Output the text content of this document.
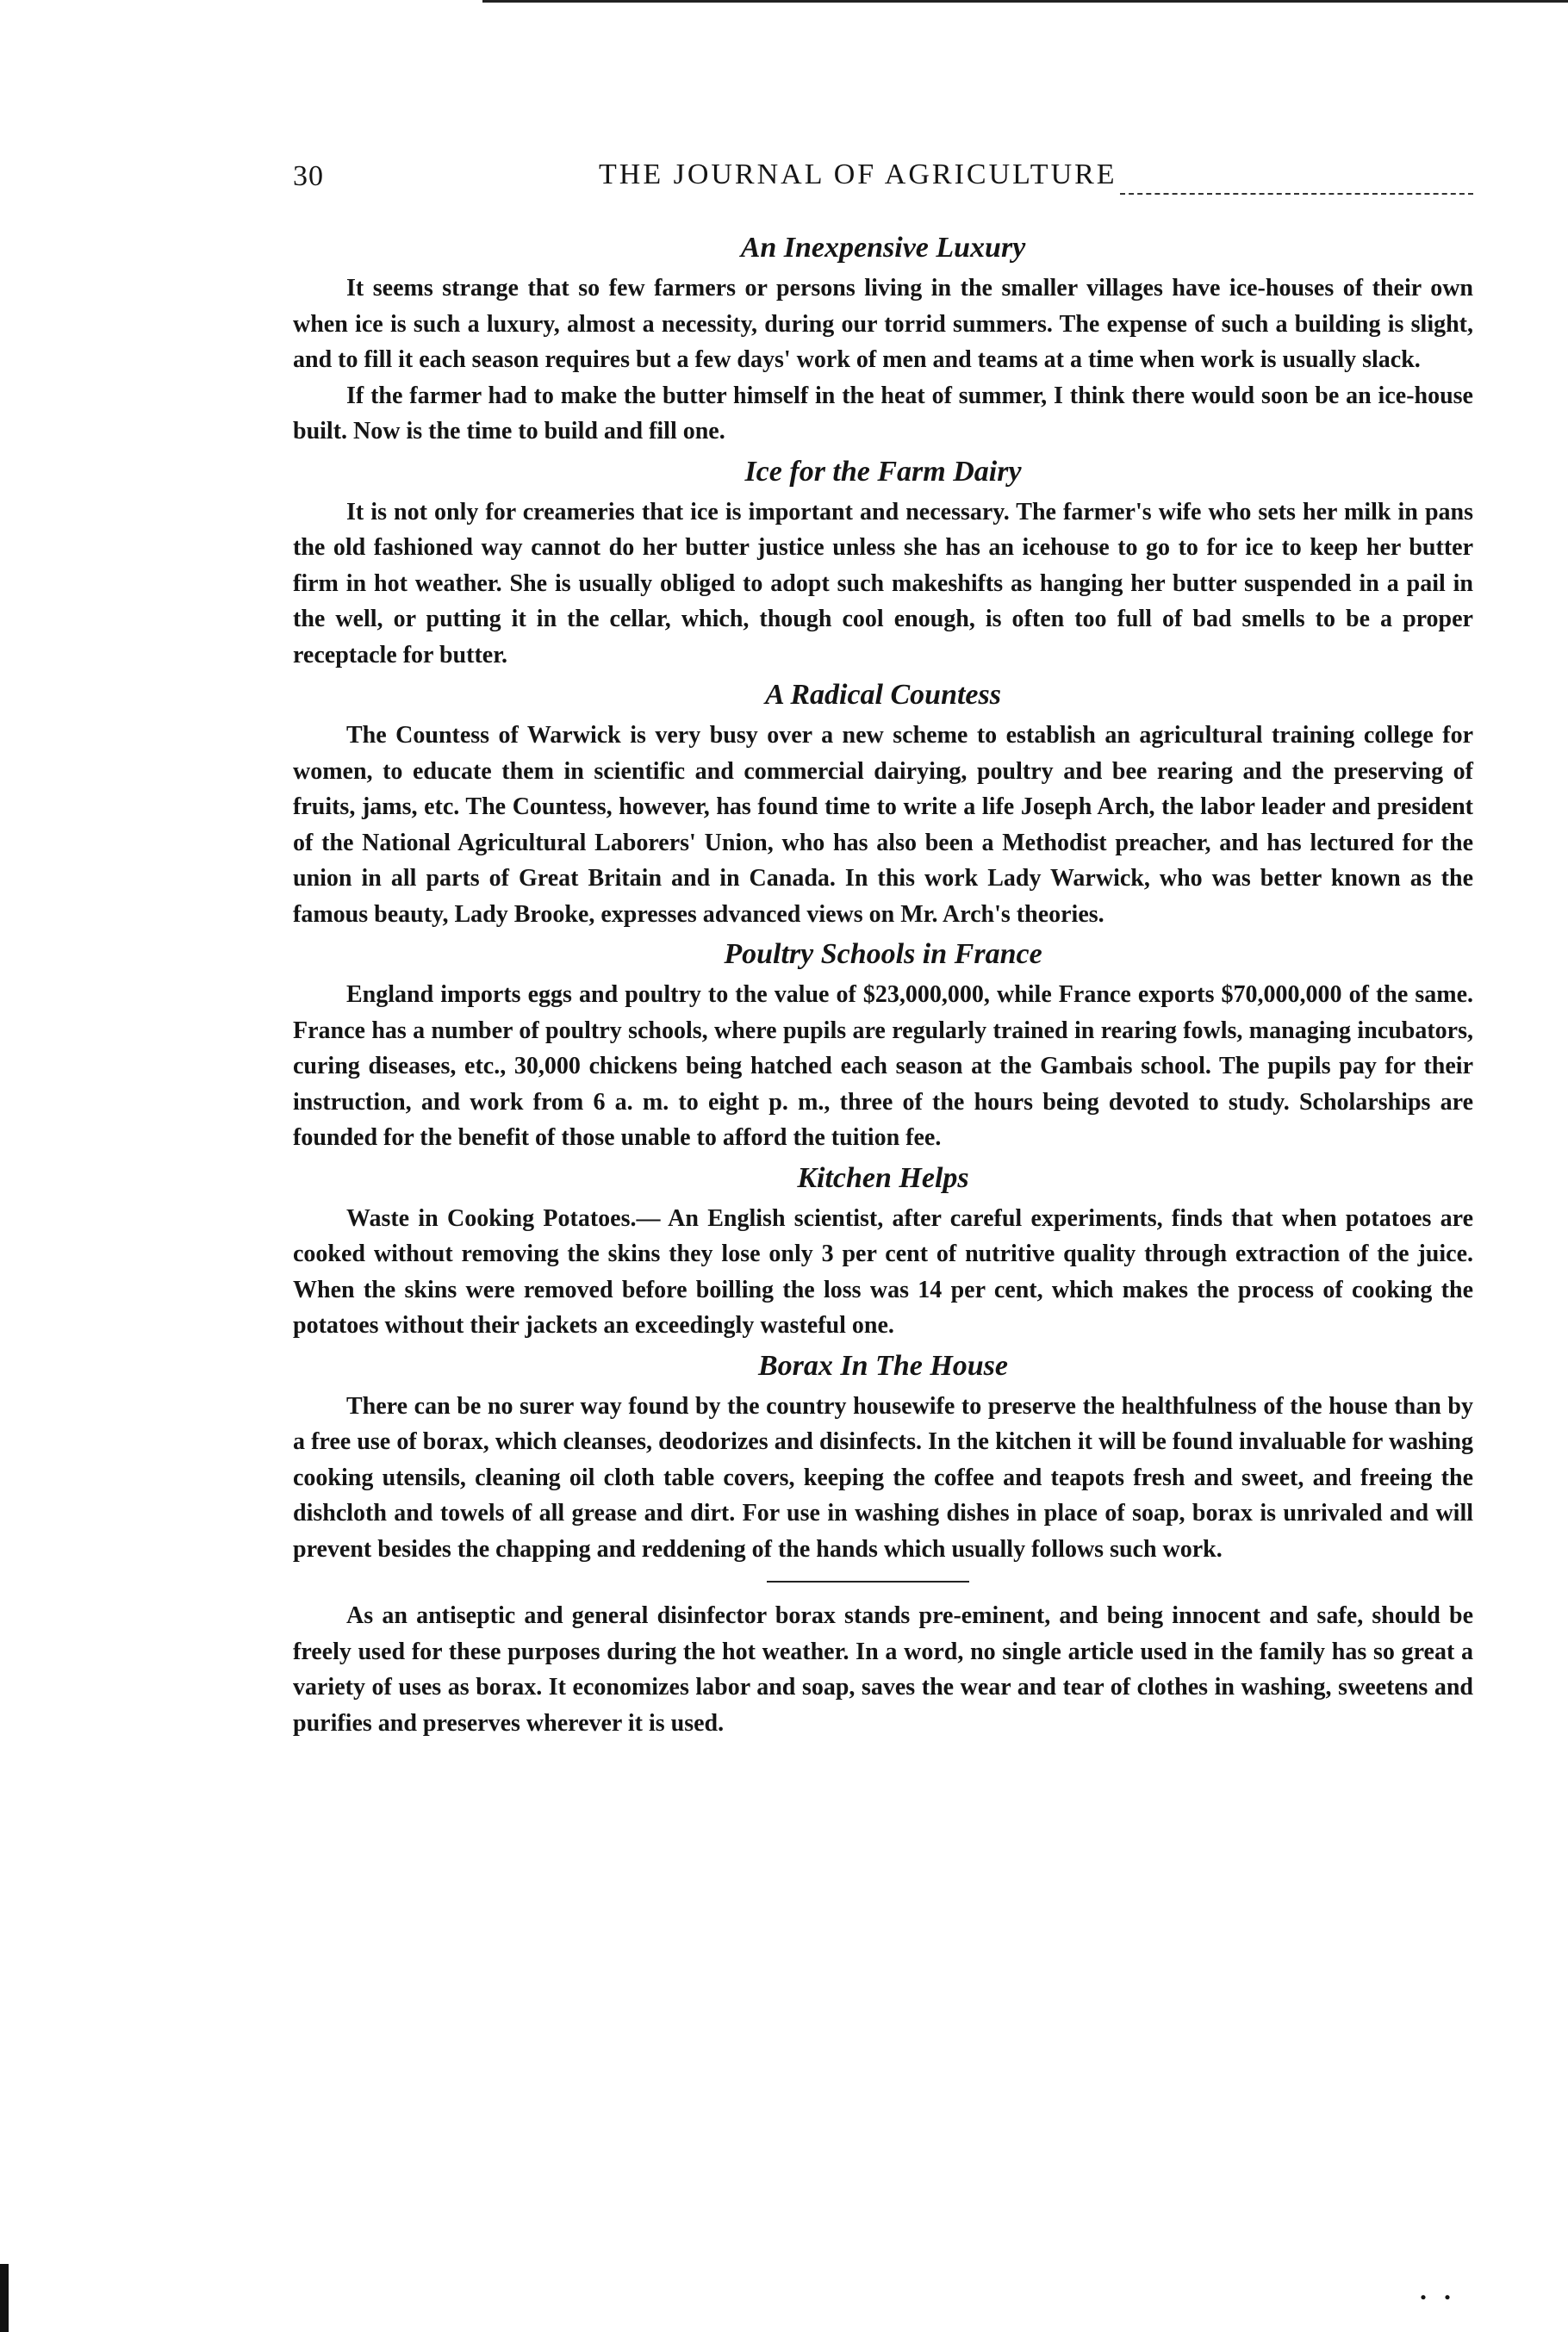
30	THE JOURNAL OF AGRICULTURE
An Inexpensive Luxury

It seems strange that so few farmers or persons living in the smaller villages have ice-houses of their own when ice is such a luxury, almost a necessity, during our torrid summers. The expense of such a building is slight, and to fill it each season requires but a few days' work of men and teams at a time when work is usually slack.

If the farmer had to make the butter himself in the heat of summer, I think there would soon be an ice-house built. Now is the time to build and fill one.

Ice for the Farm Dairy

It is not only for creameries that ice is important and necessary. The farmer's wife who sets her milk in pans the old fashioned way cannot do her butter justice unless she has an icehouse to go to for ice to keep her butter firm in hot weather. She is usually obliged to adopt such makeshifts as hanging her butter suspended in a pail in the well, or putting it in the cellar, which, though cool enough, is often too full of bad smells to be a proper receptacle for butter.

A Radical Countess

The Countess of Warwick is very busy over a new scheme to establish an agricultural training college for women, to educate them in scientific and commercial dairying, poultry and bee rearing and the preserving of fruits, jams, etc. The Countess, however, has found time to write a life Joseph Arch, the labor leader and president of the National Agricultural Laborers' Union, who has also been a Methodist preacher, and has lectured for the union in all parts of Great Britain and in Canada. In this work Lady Warwick, who was better known as the famous beauty, Lady Brooke, expresses advanced views on Mr. Arch's theories.

Poultry Schools in France

England imports eggs and poultry to the value of $23,000,000, while France exports $70,000,000 of the same. France has a number of poultry schools, where pupils are regularly trained in rearing fowls, managing incubators, curing diseases, etc., 30,000 chickens being hatched each season at the Gambais school. The pupils pay for their instruction, and work from 6 a. m. to eight p. m., three of the hours being devoted to study. Scholarships are founded for the benefit of those unable to afford the tuition fee.

Kitchen Helps

Waste in Cooking Potatoes.— An English scientist, after careful experiments, finds that when potatoes are cooked without removing the skins they lose only 3 per cent of nutritive quality through extraction of the juice. When the skins were removed before boilling the loss was 14 per cent, which makes the process of cooking the potatoes without their jackets an exceedingly wasteful one.

Borax In The House

There can be no surer way found by the country housewife to preserve the healthfulness of the house than by a free use of borax, which cleanses, deodorizes and disinfects. In the kitchen it will be found invaluable for washing cooking utensils, cleaning oil cloth table covers, keeping the coffee and teapots fresh and sweet, and freeing the dishcloth and towels of all grease and dirt. For use in washing dishes in place of soap, borax is unrivaled and will prevent besides the chapping and reddening of the hands which usually follows such work.

As an antiseptic and general disinfector borax stands pre-eminent, and being innocent and safe, should be freely used for these purposes during the hot weather. In a word, no single article used in the family has so great a variety of uses as borax. It economizes labor and soap, saves the wear and tear of clothes in washing, sweetens and purifies and preserves wherever it is used.

. .
